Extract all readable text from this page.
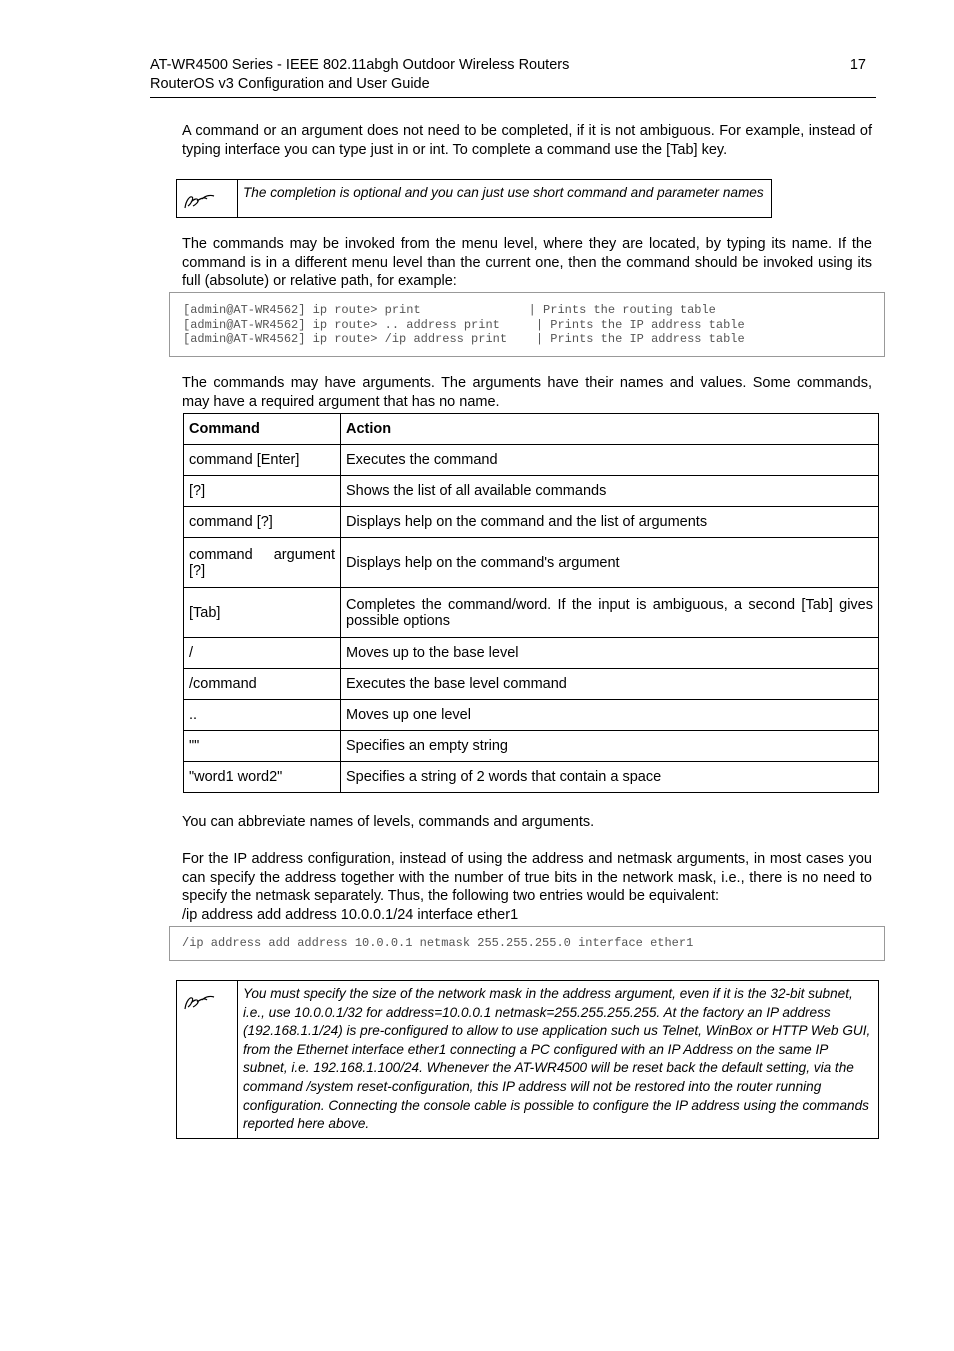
AT-WR4500 Series - IEEE 802.11abgh Outdoor Wireless Routers
RouterOS v3 Configuration and User Guide
17
A command or an argument does not need to be completed, if it is not ambiguous. For example, instead of typing interface you can type just in or int. To complete a command use the [Tab] key.
The completion is optional and you can just use short command and parameter names
The commands may be invoked from the menu level, where they are located, by typing its name. If the command is in a different menu level than the current one, then the command should be invoked using its full (absolute) or relative path, for example:
[admin@AT-WR4562] ip route> print               | Prints the routing table
[admin@AT-WR4562] ip route> .. address print     | Prints the IP address table
[admin@AT-WR4562] ip route> /ip address print    | Prints the IP address table
The commands may have arguments. The arguments have their names and values. Some commands, may have a required argument that has no name.
Command	Action
command [Enter]	Executes the command
[?]	Shows the list of all available commands
command [?]	Displays help on the command and the list of arguments
command argument [?]	Displays help on the command's argument
[Tab]	Completes the command/word. If the input is ambiguous, a second [Tab] gives possible options
/	Moves up to the base level
/command	Executes the base level command
..	Moves up one level
""	Specifies an empty string
"word1 word2"	Specifies a string of 2 words that contain a space
You can abbreviate names of levels, commands and arguments.
For the IP address configuration, instead of using the address and netmask arguments, in most cases you can specify the address together with the number of true bits in the network mask, i.e., there is no need to specify the netmask separately. Thus, the following two entries would be equivalent:
/ip address add address 10.0.0.1/24 interface ether1
/ip address add address 10.0.0.1 netmask 255.255.255.0 interface ether1
You must specify the size of the network mask in the address argument, even if it is the 32-bit subnet, i.e., use 10.0.0.1/32 for address=10.0.0.1 netmask=255.255.255.255. At the factory an IP address (192.168.1.1/24) is pre-configured to allow to use application such us Telnet, WinBox or HTTP Web GUI, from the Ethernet interface ether1 connecting a PC configured with an IP Address on the same IP subnet, i.e. 192.168.1.100/24. Whenever the AT-WR4500 will be reset back the default setting, via the command /system reset-configuration, this IP address will not be restored into the router running configuration. Connecting the console cable is possible to configure the IP address using the commands reported here above.
